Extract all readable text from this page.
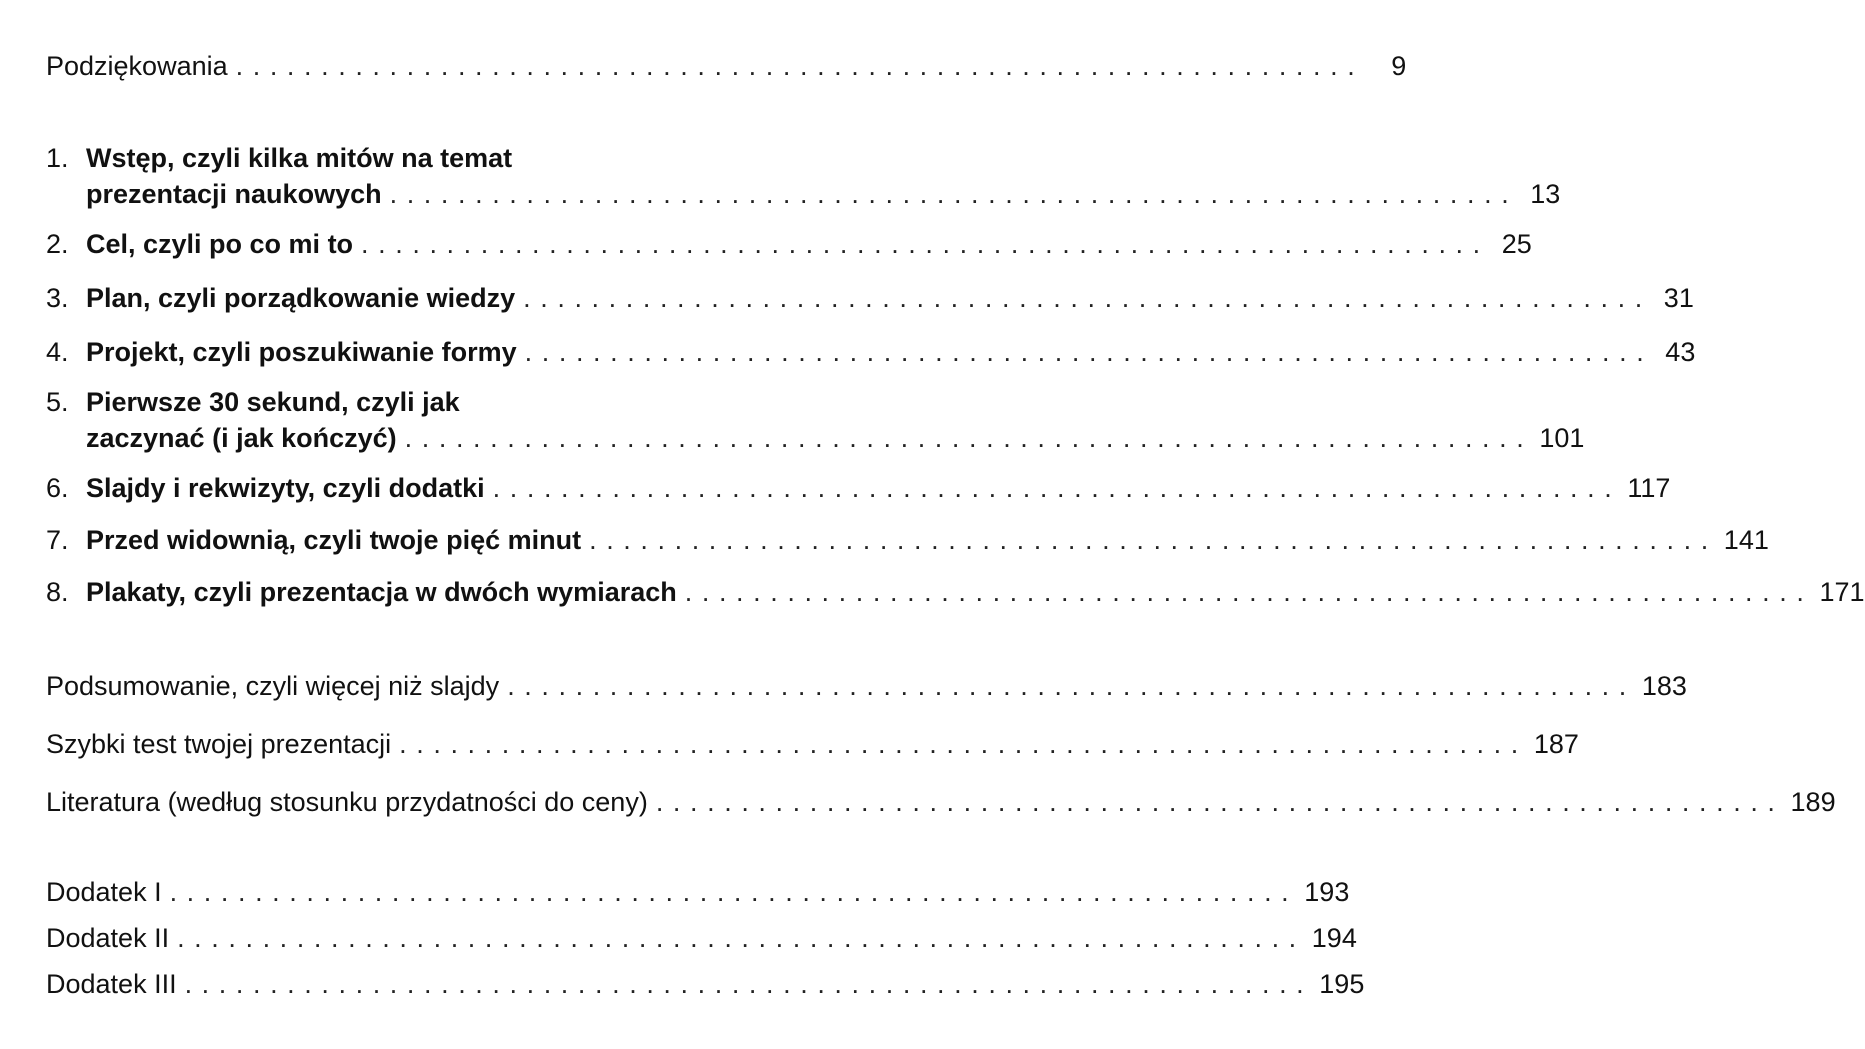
Podziękowania .................................................................. 9
1. Wstęp, czyli kilka mitów na temat
prezentacji naukowych .................................................................. 13
2. Cel, czyli po co mi to .................................................................. 25
3. Plan, czyli porządkowanie wiedzy .................................................................. 31
4. Projekt, czyli poszukiwanie formy .................................................................. 43
5. Pierwsze 30 sekund, czyli jak
zaczynać (i jak kończyć) .................................................................. 101
6. Slajdy i rekwizyty, czyli dodatki .................................................................. 117
7. Przed widownią, czyli twoje pięć minut .................................................................. 141
8. Plakaty, czyli prezentacja w dwóch wymiarach .................................................................. 171
Podsumowanie, czyli więcej niż slajdy .................................................................. 183
Szybki test twojej prezentacji .................................................................. 187
Literatura (według stosunku przydatności do ceny) .................................................................. 189
Dodatek I .................................................................. 193
Dodatek II .................................................................. 194
Dodatek III .................................................................. 195
